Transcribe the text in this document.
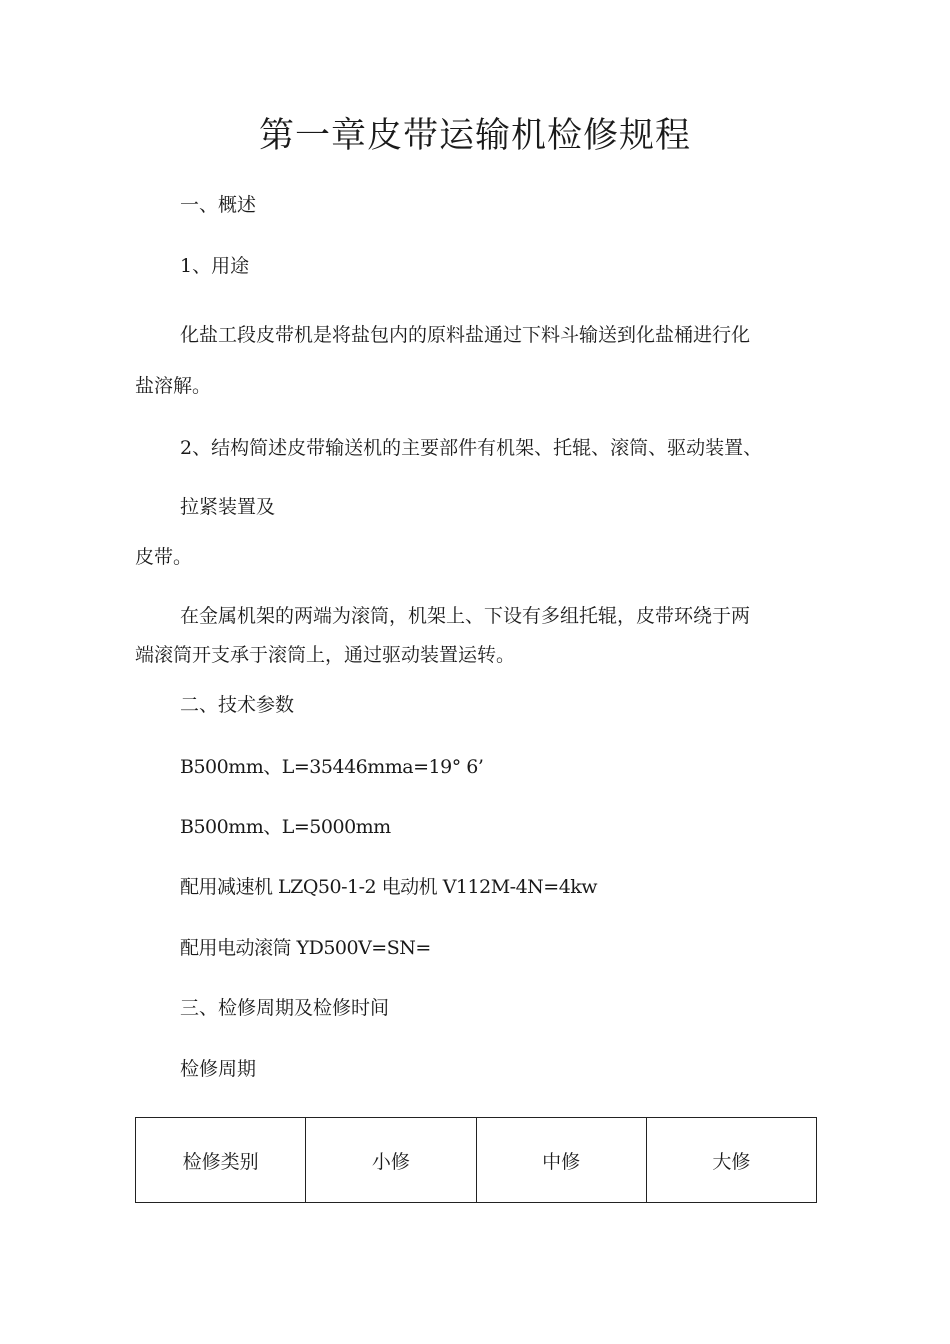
第一章皮带运输机检修规程

一、概述

1、用途

化盐工段皮带机是将盐包内的原料盐通过下料斗输送到化盐桶进行化

盐溶解。

2、结构简述皮带输送机的主要部件有机架、托辊、滚筒、驱动装置、

拉紧装置及

皮带。

在金属机架的两端为滚筒，机架上、下设有多组托辊，皮带环绕于两

端滚筒开支承于滚筒上，通过驱动装置运转。

二、技术参数

B500mm、L=35446mma=19° 6’

B500mm、L=5000mm

配用减速机 LZQ50-1-2 电动机 V112M-4N=4kw

配用电动滚筒 YD500V=SN=

三、检修周期及检修时间

检修周期

检修类别	小修	中修	大修
